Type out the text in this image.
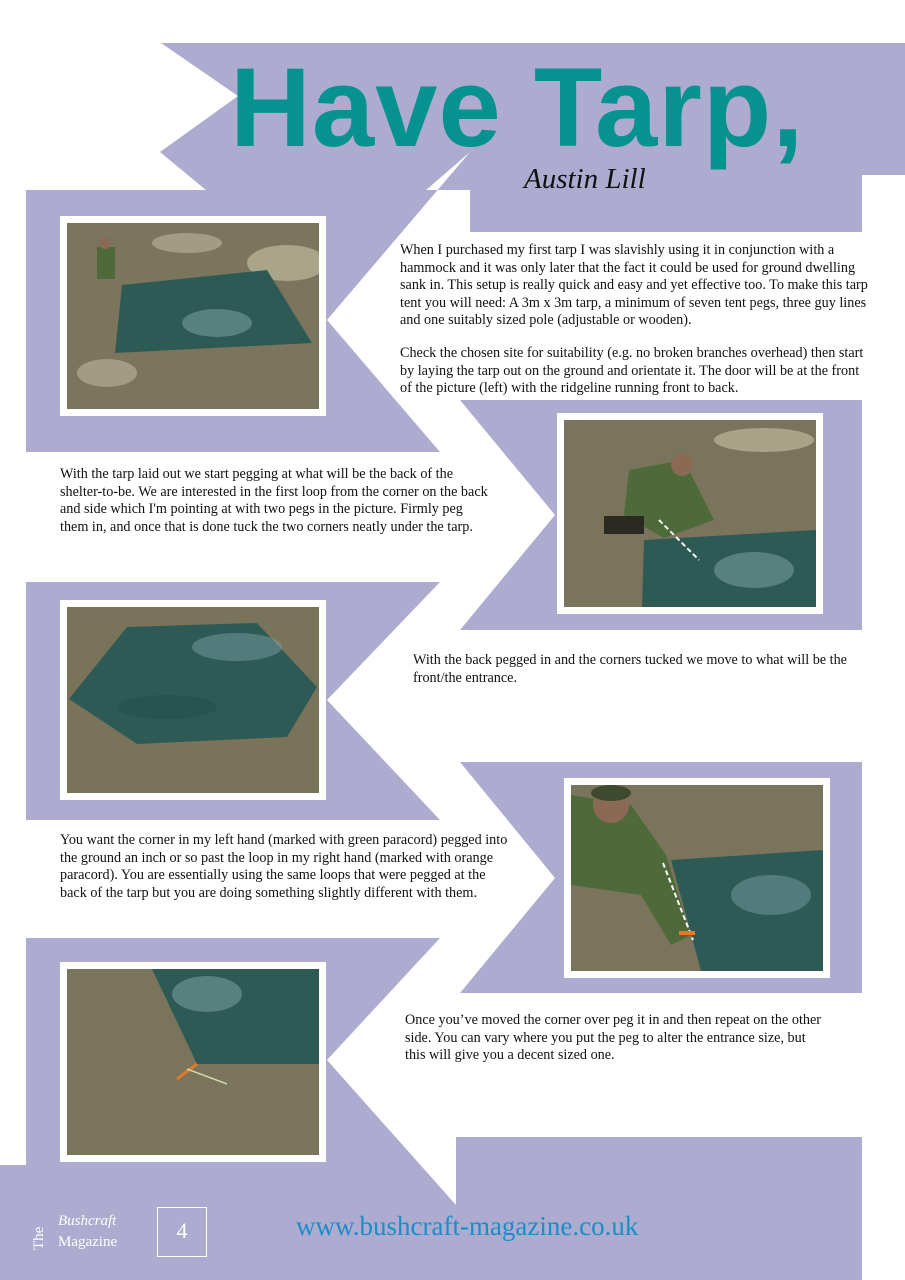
Have Tarp,
Austin Lill

When I purchased my first tarp I was slavishly using it in conjunction with a hammock and it was only later that the fact it could be used for ground dwelling sank in. This setup is really quick and easy and yet effective too. To make this tarp tent you will need: A 3m x 3m tarp, a minimum of seven tent pegs, three guy lines and one suitably sized pole (adjustable or wooden).

Check the chosen site for suitability (e.g. no broken branches overhead) then start by laying the tarp out on the ground and orientate it. The door will be at the front of the picture (left) with the ridgeline running front to back.

With the tarp laid out we start pegging at what will be the back of the shelter-to-be. We are interested in the first loop from the corner on the back and side which I'm pointing at with two pegs in the picture. Firmly peg them in, and once that is done tuck the two corners neatly under the tarp.

With the back pegged in and the corners tucked we move to what will be the front/the entrance.

You want the corner in my left hand (marked with green paracord) pegged into the ground an inch or so past the loop in my right hand (marked with orange paracord). You are essentially using the same loops that were pegged at the back of the tarp but you are doing something slightly different with them.

Once you’ve moved the corner over peg it in and then repeat on the other side. You can vary where you put the peg to alter the entrance size, but this will give you a decent sized one.

The
Bushcraft
Magazine	4	www.bushcraft-magazine.co.uk
